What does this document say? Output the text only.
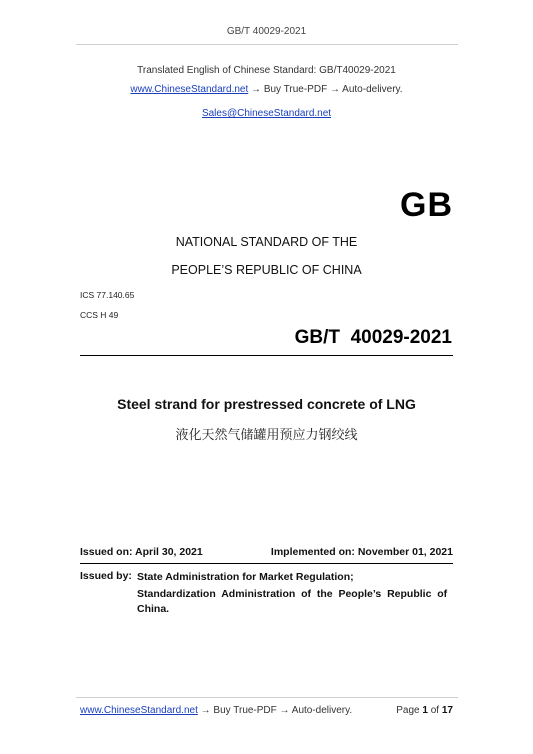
GB/T 40029-2021
Translated English of Chinese Standard: GB/T40029-2021
www.ChineseStandard.net → Buy True-PDF → Auto-delivery.
Sales@ChineseStandard.net
GB
NATIONAL STANDARD OF THE
PEOPLE’S REPUBLIC OF CHINA
ICS 77.140.65
CCS H 49
GB/T  40029-2021
Steel strand for prestressed concrete of LNG
液化天然气储罐用预应力钢绞线
Issued on: April 30, 2021	Implemented on: November 01, 2021
Issued by: State Administration for Market Regulation;

Standardization  Administration  of  the  People’s  Republic  of

China.

www.ChineseStandard.net → Buy True-PDF → Auto-delivery.	Page 1 of 17
